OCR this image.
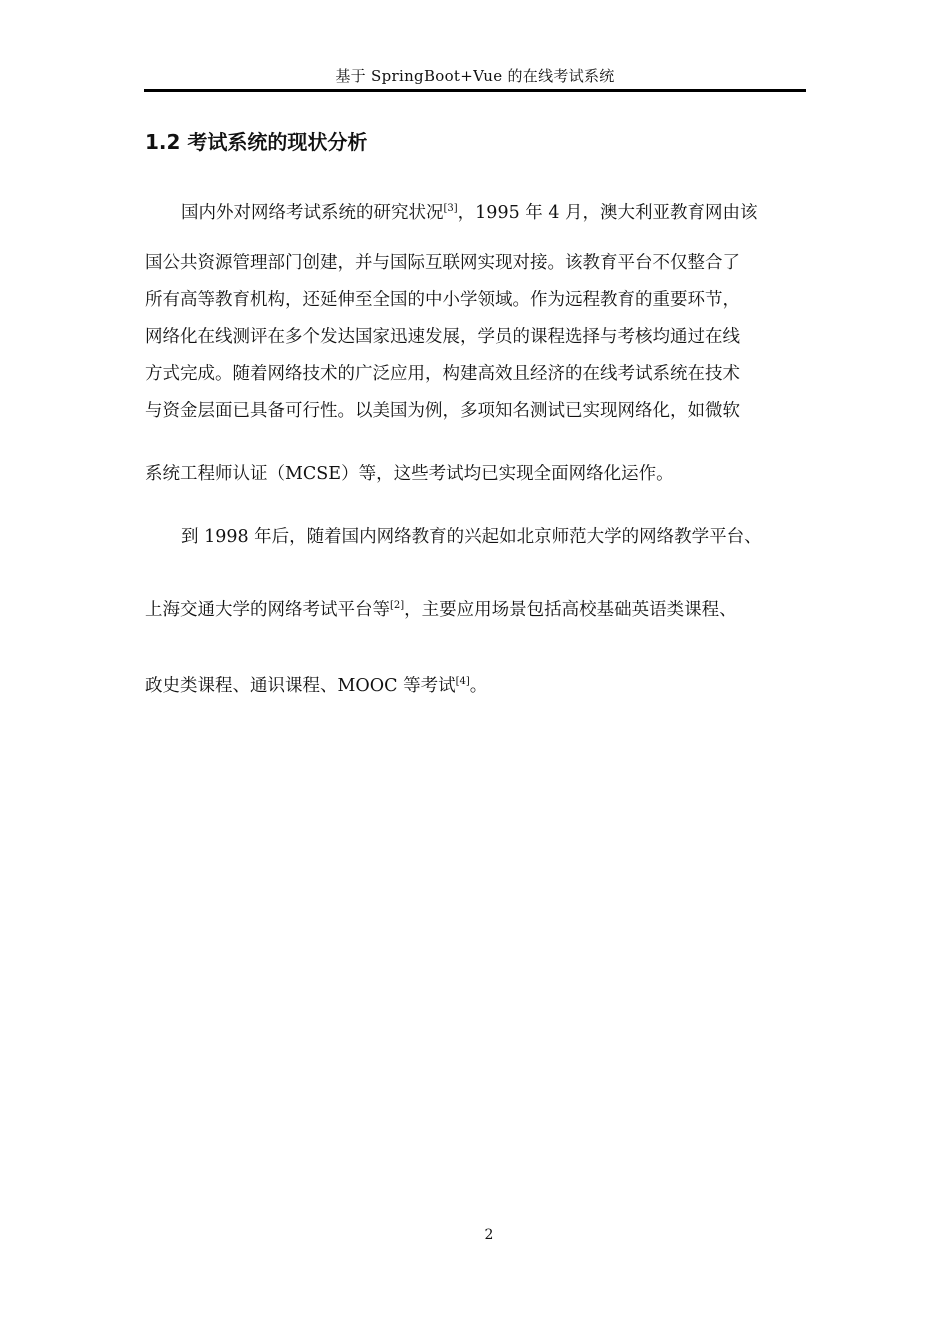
基于 SpringBoot+Vue 的在线考试系统
1.2 考试系统的现状分析
国内外对网络考试系统的研究状况[3]，1995 年 4 月，澳大利亚教育网由该
国公共资源管理部门创建，并与国际互联网实现对接。该教育平台不仅整合了
所有高等教育机构，还延伸至全国的中小学领域。作为远程教育的重要环节，
网络化在线测评在多个发达国家迅速发展，学员的课程选择与考核均通过在线
方式完成。随着网络技术的广泛应用，构建高效且经济的在线考试系统在技术
与资金层面已具备可行性。以美国为例，多项知名测试已实现网络化，如微软
系统工程师认证（MCSE）等，这些考试均已实现全面网络化运作。
到 1998 年后，随着国内网络教育的兴起如北京师范大学的网络教学平台、
上海交通大学的网络考试平台等[2]，主要应用场景包括高校基础英语类课程、
政史类课程、通识课程、MOOC 等考试[4]。
2
